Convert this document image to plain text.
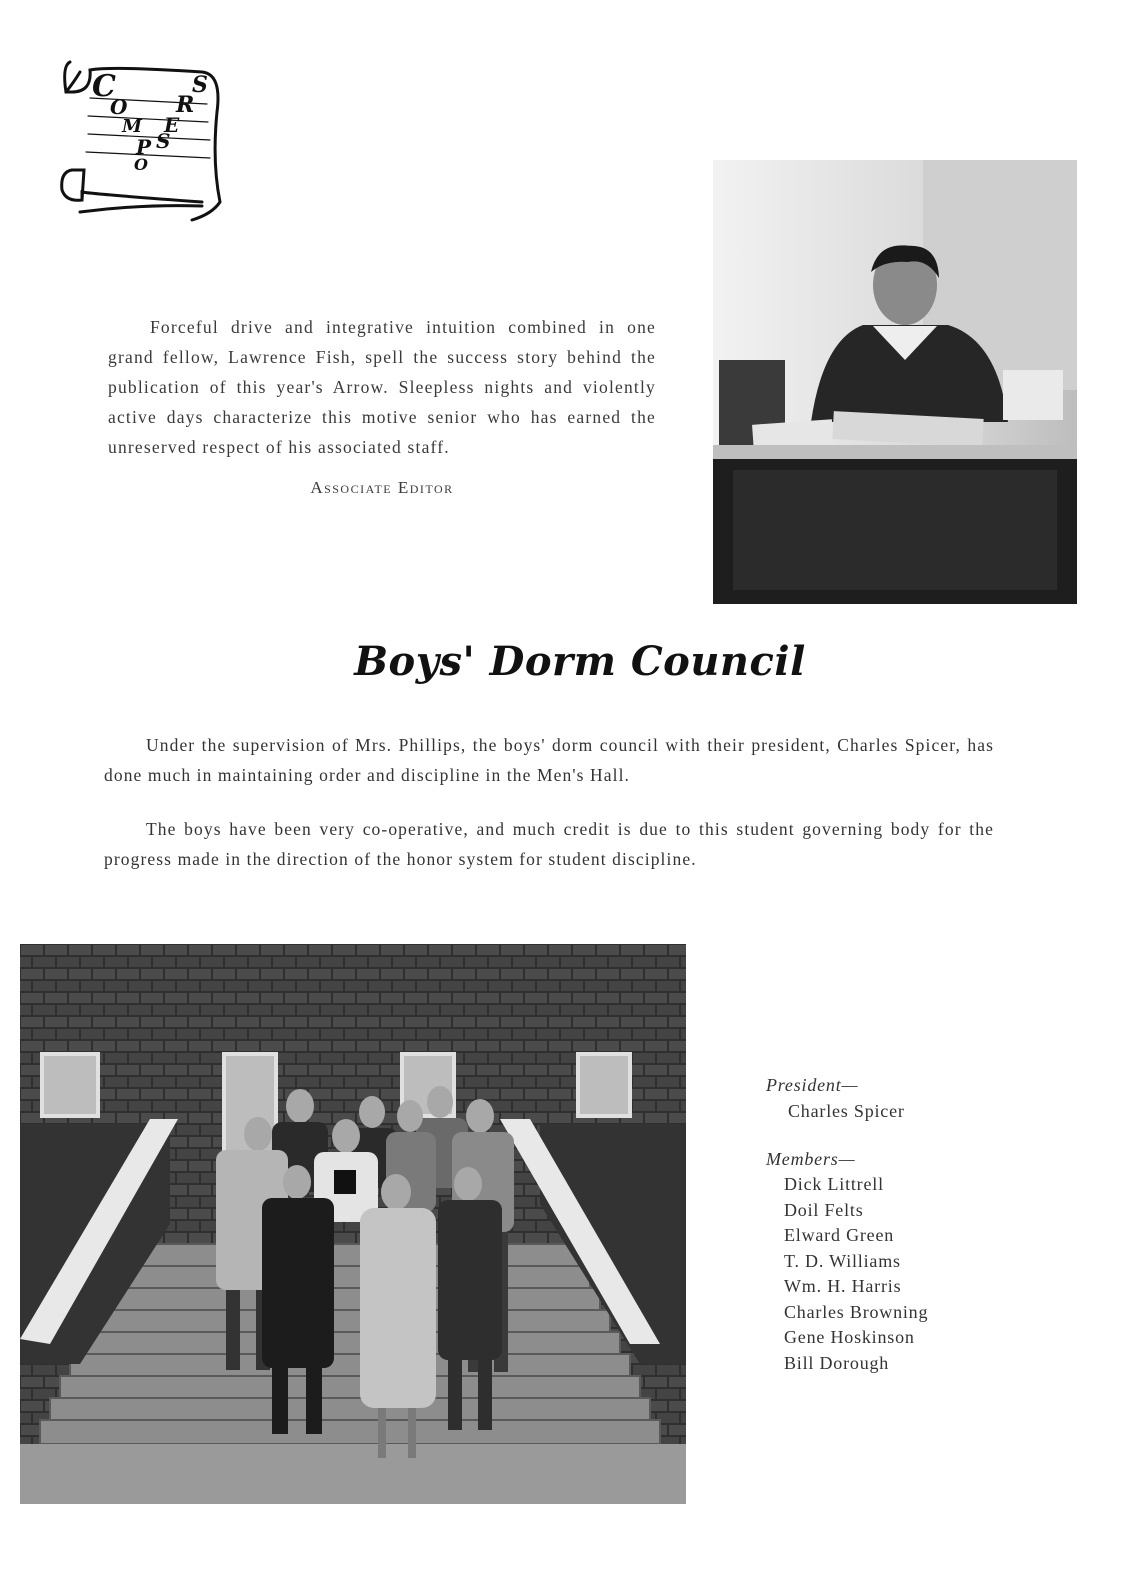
C
O
M
P
O
S
E
R
S

Forceful drive and integrative intuition combined in one grand fellow, Lawrence Fish, spell the success story behind the publication of this year's Arrow. Sleepless nights and violently active days characterize this motive senior who has earned the unreserved respect of his associated staff.

Associate Editor
Boys' Dorm Council

Under the supervision of Mrs. Phillips, the boys' dorm council with their president, Charles Spicer, has done much in maintaining order and discipline in the Men's Hall.

The boys have been very co-operative, and much credit is due to this student governing body for the progress made in the direction of the honor system for student discipline.

President—

Charles Spicer

Members—

Dick Littrell
Doil Felts
Elward Green
T. D. Williams
Wm. H. Harris
Charles Browning
Gene Hoskinson
Bill Dorough
